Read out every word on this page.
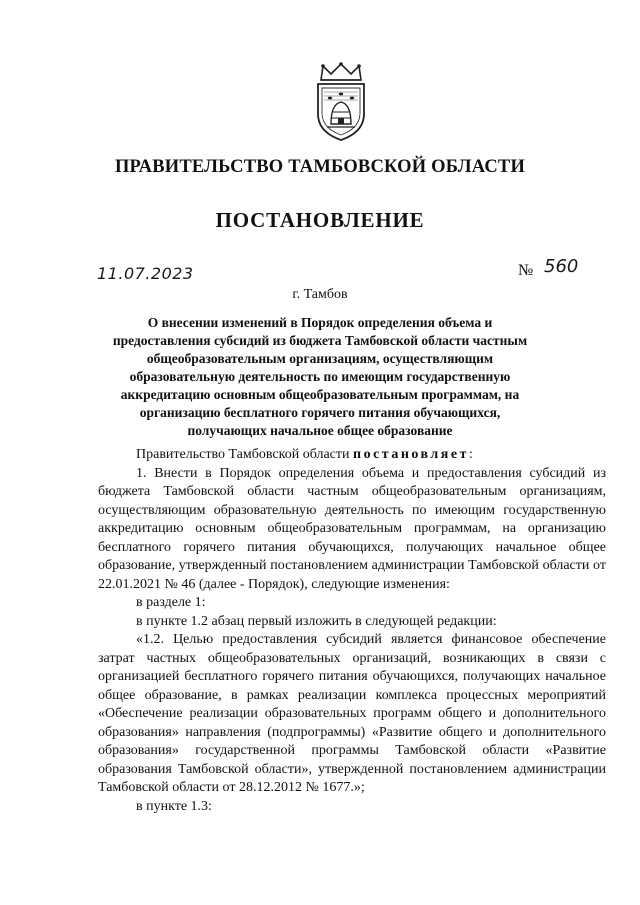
ПРАВИТЕЛЬСТВО ТАМБОВСКОЙ ОБЛАСТИ
ПОСТАНОВЛЕНИЕ
11.07.2023	№ 560
г. Тамбов
О внесении изменений в Порядок определения объема и предоставления субсидий из бюджета Тамбовской области частным общеобразовательным организациям, осуществляющим образовательную деятельность по имеющим государственную аккредитацию основным общеобразовательным программам, на организацию бесплатного горячего питания обучающихся, получающих начальное общее образование

Правительство Тамбовской области постановляет:

1. Внести в Порядок определения объема и предоставления субсидий из бюджета Тамбовской области частным общеобразовательным организациям, осуществляющим образовательную деятельность по имеющим государственную аккредитацию основным общеобразовательным программам, на организацию бесплатного горячего питания обучающихся, получающих начальное общее образование, утвержденный постановлением администрации Тамбовской области от 22.01.2021 № 46 (далее - Порядок), следующие изменения:

в разделе 1:

в пункте 1.2 абзац первый изложить в следующей редакции:

«1.2. Целью предоставления субсидий является финансовое обеспечение затрат частных общеобразовательных организаций, возникающих в связи с организацией бесплатного горячего питания обучающихся, получающих начальное общее образование, в рамках реализации комплекса процессных мероприятий «Обеспечение реализации образовательных программ общего и дополнительного образования» направления (подпрограммы) «Развитие общего и дополнительного образования» государственной программы Тамбовской области «Развитие образования Тамбовской области», утвержденной постановлением администрации Тамбовской области от 28.12.2012 № 1677.»;

в пункте 1.3:
